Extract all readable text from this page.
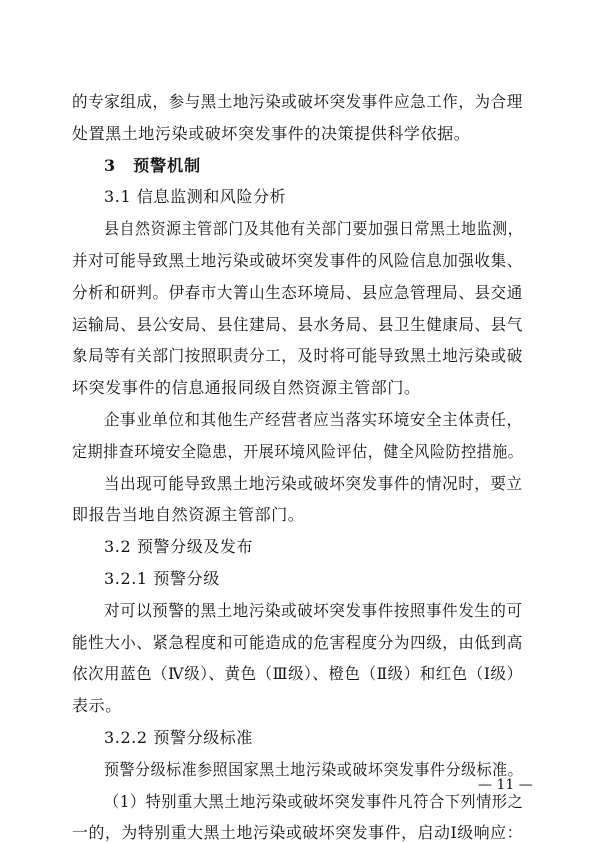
的专家组成，参与黑土地污染或破坏突发事件应急工作，为合理
处置黑土地污染或破坏突发事件的决策提供科学依据。
3　预警机制
3.1 信息监测和风险分析
县自然资源主管部门及其他有关部门要加强日常黑土地监测，
并对可能导致黑土地污染或破坏突发事件的风险信息加强收集、
分析和研判。伊春市大箐山生态环境局、县应急管理局、县交通
运输局、县公安局、县住建局、县水务局、县卫生健康局、县气
象局等有关部门按照职责分工，及时将可能导致黑土地污染或破
坏突发事件的信息通报同级自然资源主管部门。
企事业单位和其他生产经营者应当落实环境安全主体责任，
定期排查环境安全隐患，开展环境风险评估，健全风险防控措施。
当出现可能导致黑土地污染或破坏突发事件的情况时，要立
即报告当地自然资源主管部门。
3.2 预警分级及发布
3.2.1 预警分级
对可以预警的黑土地污染或破坏突发事件按照事件发生的可
能性大小、紧急程度和可能造成的危害程度分为四级，由低到高
依次用蓝色（Ⅳ级）、黄色（Ⅲ级）、橙色（Ⅱ级）和红色（Ⅰ级）
表示。
3.2.2 预警分级标准
预警分级标准参照国家黑土地污染或破坏突发事件分级标准。
（1）特别重大黑土地污染或破坏突发事件凡符合下列情形之
一的，为特别重大黑土地污染或破坏突发事件，启动Ⅰ级响应：
— 11 —
